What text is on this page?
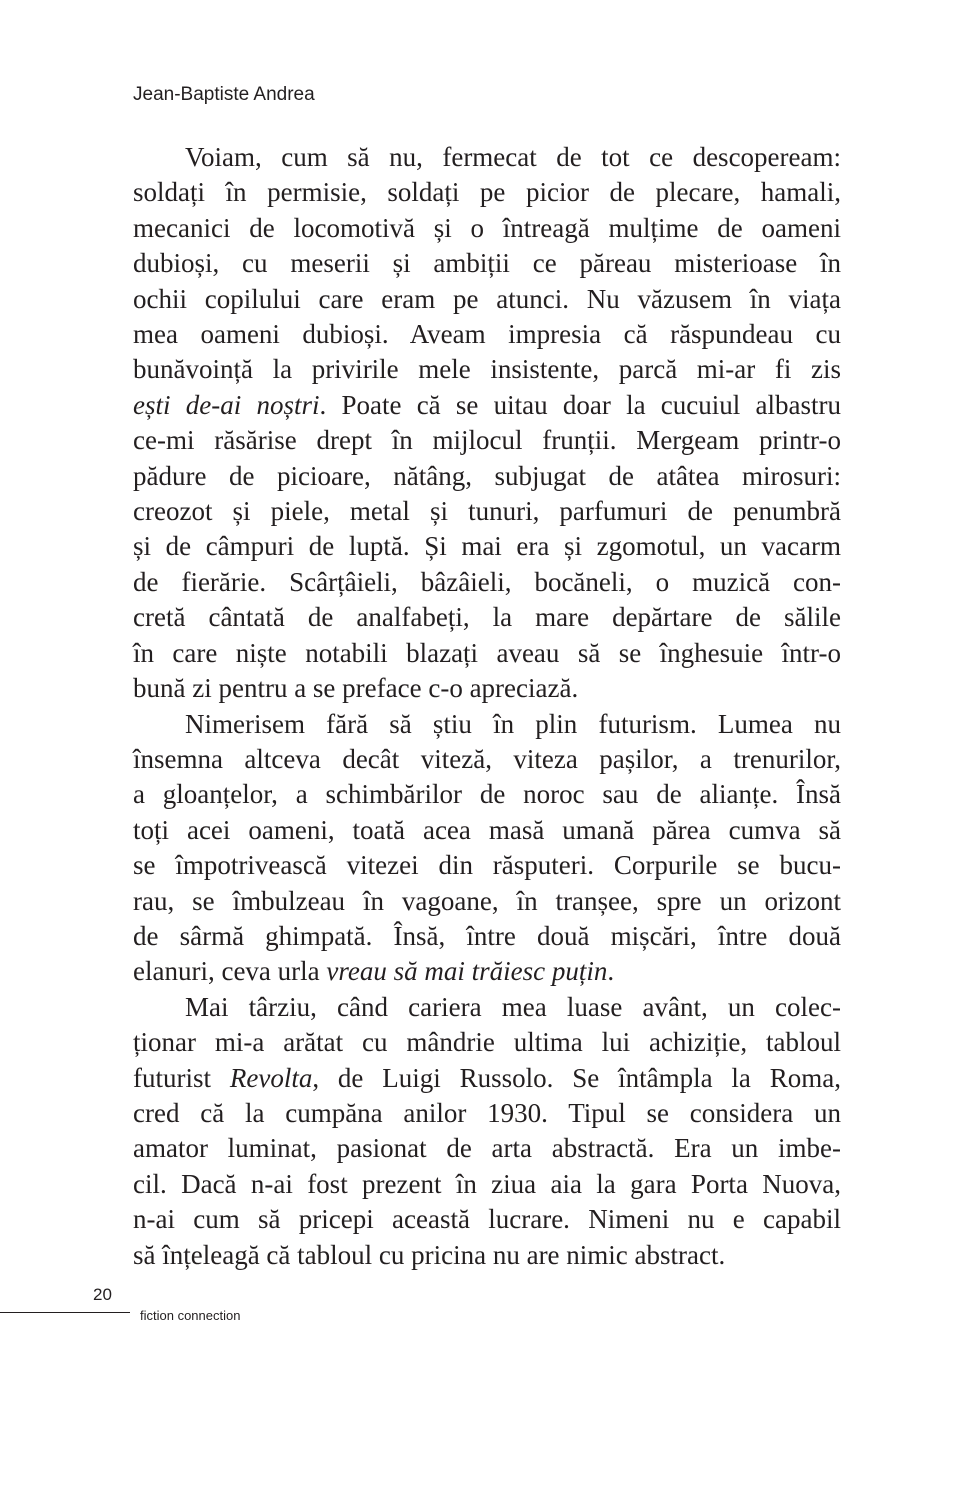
Jean-Baptiste Andrea
Voiam, cum să nu, fermecat de tot ce descopeream:
soldați în permisie, soldați pe picior de plecare, hamali,
mecanici de locomotivă și o întreagă mulțime de oameni
dubioși, cu meserii și ambiții ce păreau misterioase în
ochii copilului care eram pe atunci. Nu văzusem în viața
mea oameni dubioși. Aveam impresia că răspundeau cu
bunăvoință la privirile mele insistente, parcă mi-ar fi zis
ești de-ai noștri. Poate că se uitau doar la cucuiul albastru
ce-mi răsărise drept în mijlocul frunții. Mergeam printr-o
pădure de picioare, nătâng, subjugat de atâtea mirosuri:
creozot și piele, metal și tunuri, parfumuri de penumbră
și de câmpuri de luptă. Și mai era și zgomotul, un vacarm
de fierărie. Scârțâieli, bâzâieli, bocăneli, o muzică con-
cretă cântată de analfabeți, la mare depărtare de sălile
în care niște notabili blazați aveau să se înghesuie într-o
bună zi pentru a se preface c-o apreciază.
Nimerisem fără să știu în plin futurism. Lumea nu
însemna altceva decât viteză, viteza pașilor, a trenurilor,
a gloanțelor, a schimbărilor de noroc sau de alianțe. Însă
toți acei oameni, toată acea masă umană părea cumva să
se împotrivească vitezei din răsputeri. Corpurile se bucu-
rau, se îmbulzeau în vagoane, în tranșee, spre un orizont
de sârmă ghimpată. Însă, între două mișcări, între două
elanuri, ceva urla vreau să mai trăiesc puțin.
Mai târziu, când cariera mea luase avânt, un colec-
ționar mi-a arătat cu mândrie ultima lui achiziție, tabloul
futurist Revolta, de Luigi Russolo. Se întâmpla la Roma,
cred că la cumpăna anilor 1930. Tipul se considera un
amator luminat, pasionat de arta abstractă. Era un imbe-
cil. Dacă n-ai fost prezent în ziua aia la gara Porta Nuova,
n-ai cum să pricepi această lucrare. Nimeni nu e capabil
să înțeleagă că tabloul cu pricina nu are nimic abstract.
20
fiction connection
